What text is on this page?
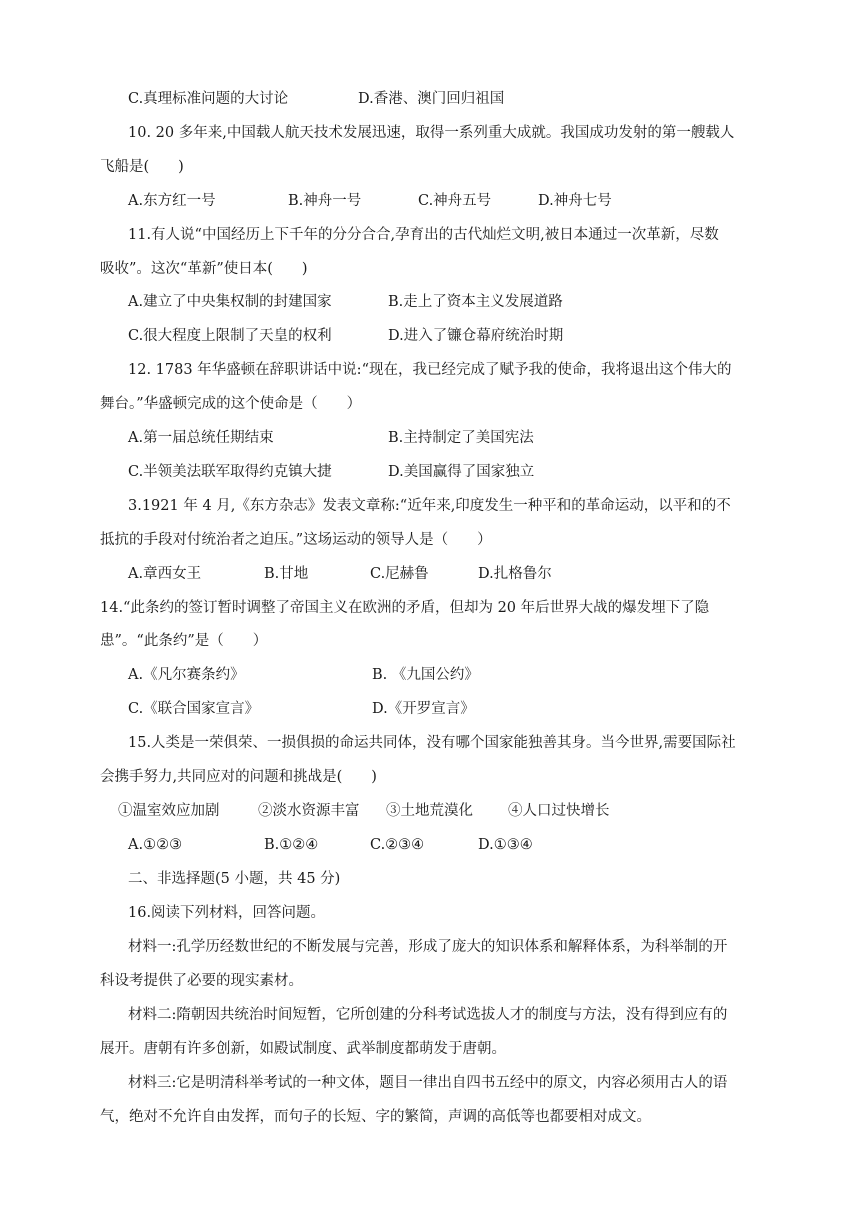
C.真理标准问题的大讨论	D.香港、澳门回归祖国
10. 20 多年来,中国载人航天技术发展迅速，取得一系列重大成就。我国成功发射的第一艘载人
飞船是(　　)
A.东方红一号	B.神舟一号	C.神舟五号	D.神舟七号
11.有人说“中国经历上下千年的分分合合,孕育出的古代灿烂文明,被日本通过一次革新，尽数
吸收”。这次“革新”使日本(　　)
A.建立了中央集权制的封建国家	B.走上了资本主义发展道路
C.很大程度上限制了天皇的权利	D.进入了镰仓幕府统治时期
12. 1783 年华盛顿在辞职讲话中说:“现在，我已经完成了赋予我的使命，我将退出这个伟大的
舞台。”华盛顿完成的这个使命是（　　）
A.第一届总统任期结束	B.主持制定了美国宪法
C.半领美法联军取得约克镇大捷	D.美国赢得了国家独立
3.1921 年 4 月,《东方杂志》发表文章称:“近年来,印度发生一种平和的革命运动，以平和的不
抵抗的手段对付统治者之迫压。”这场运动的领导人是（　　）
A.章西女王	B.甘地	C.尼赫鲁	D.扎格鲁尔
14.“此条约的签订暂时调整了帝国主义在欧洲的矛盾，但却为 20 年后世界大战的爆发埋下了隐
患”。“此条约”是（　　）
A.《凡尔赛条约》	B. 《九国公约》
C.《联合国家宣言》	D.《开罗宣言》
15.人类是一荣俱荣、一损俱损的命运共同体，没有哪个国家能独善其身。当今世界,需要国际社
会携手努力,共同应对的问题和挑战是(　　)
①温室效应加剧	②淡水资源丰富 ③土地荒漠化 ④人口过快增长
A.①②③	B.①②④	C.②③④	D.①③④
二、非选择题(5 小题，共 45 分)
16.阅读下列材料，回答问题。
材料一:孔学历经数世纪的不断发展与完善，形成了庞大的知识体系和解释体系，为科举制的开
科设考提供了必要的现实素材。
材料二:隋朝因共统治时间短暂，它所创建的分科考试选拔人才的制度与方法，没有得到应有的
展开。唐朝有许多创新，如殿试制度、武举制度都萌发于唐朝。
材料三:它是明清科举考试的一种文体，题目一律出自四书五经中的原文，内容必须用古人的语
气，绝对不允许自由发挥，而句子的长短、字的繁简，声调的高低等也都要相对成文。
